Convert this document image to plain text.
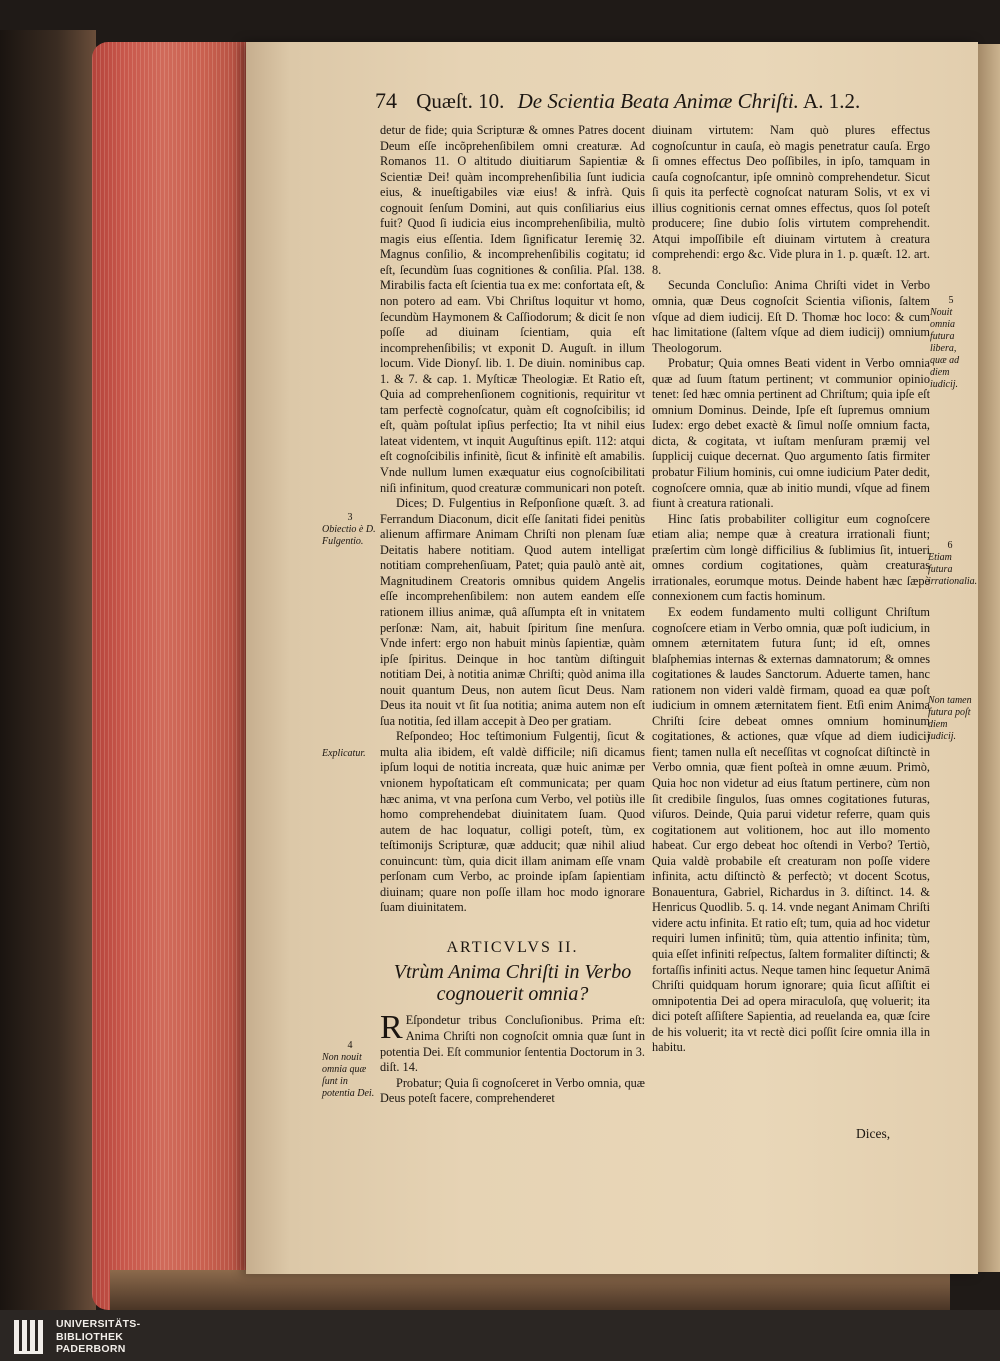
74 Quæſt. 10. De Scientia Beata Animæ Chriſti. A. 1.2.

detur de fide; quia Scripturæ & omnes Patres docent Deum eſſe incõprehenſibilem omni creaturæ. Ad Romanos 11. O altitudo diuitiarum Sapientiæ & Scientiæ Dei! quàm incomprehenſibilia ſunt iudicia eius, & inueſtigabiles viæ eius! & infrà. Quis cognouit ſenſum Domini, aut quis conſiliarius eius fuit? Quod ſi iudicia eius incomprehenſibilia, multò magis eius eſſentia. Idem ſignificatur Ieremię 32. Magnus conſilio, & incomprehenſibilis cogitatu; id eſt, ſecundùm ſuas cognitiones & conſilia. Pſal. 138. Mirabilis facta eſt ſcientia tua ex me: confortata eſt, & non potero ad eam. Vbi Chriſtus loquitur vt homo, ſecundùm Haymonem & Caſſiodorum; & dicit ſe non poſſe ad diuinam ſcientiam, quia eſt incomprehenſibilis; vt exponit D. Auguſt. in illum locum. Vide Dionyſ. lib. 1. De diuin. nominibus cap. 1. & 7. & cap. 1. Myſticæ Theologiæ. Et Ratio eſt, Quia ad comprehenſionem cognitionis, requiritur vt tam perfectè cognoſcatur, quàm eſt cognoſcibilis; id eſt, quàm poſtulat ipſius perfectio; Ita vt nihil eius lateat videntem, vt inquit Auguſtinus epiſt. 112: atqui eſt cognoſcibilis infinitè, ſicut & infinitè eſt amabilis. Vnde nullum lumen exæquatur eius cognoſcibilitati niſi infinitum, quod creaturæ communicari non poteſt.

Dices; D. Fulgentius in Reſponſione quæſt. 3. ad Ferrandum Diaconum, dicit eſſe ſanitati fidei penitùs alienum affirmare Animam Chriſti non plenam ſuæ Deitatis habere notitiam. Quod autem intelligat notitiam comprehenſiuam, Patet; quia paulò antè ait, Magnitudinem Creatoris omnibus quidem Angelis eſſe incomprehenſibilem: non autem eandem eſſe rationem illius animæ, quâ aſſumpta eſt in vnitatem perſonæ: Nam, ait, habuit ſpiritum ſine menſura. Vnde infert: ergo non habuit minùs ſapientiæ, quàm ipſe ſpiritus. Deinque in hoc tantùm diſtinguit notitiam Dei, à notitia animæ Chriſti; quòd anima illa nouit quantum Deus, non autem ſicut Deus. Nam Deus ita nouit vt ſit ſua notitia; anima autem non eſt ſua notitia, ſed illam accepit à Deo per gratiam.

Reſpondeo; Hoc teſtimonium Fulgentij, ſicut & multa alia ibidem, eſt valdè difficile; niſi dicamus ipſum loqui de notitia increata, quæ huic animæ per vnionem hypoſtaticam eſt communicata; per quam hæc anima, vt vna perſona cum Verbo, vel potiùs ille homo comprehendebat diuinitatem ſuam. Quod autem de hac loquatur, colligi poteſt, tùm, ex teſtimonijs Scripturæ, quæ adducit; quæ nihil aliud conuincunt: tùm, quia dicit illam animam eſſe vnam perſonam cum Verbo, ac proinde ipſam ſapientiam diuinam; quare non poſſe illam hoc modo ignorare ſuam diuinitatem.

ARTICVLVS II.
Vtrùm Anima Chriſti in Verbo cognouerit omnia?

R Eſpondetur tribus Concluſionibus. Prima eſt: Anima Chriſti non cognoſcit omnia quæ ſunt in potentia Dei. Eſt communior ſententia Doctorum in 3. diſt. 14.

Probatur; Quia ſi cognoſceret in Verbo omnia, quæ Deus poteſt facere, comprehenderet

diuinam virtutem: Nam quò plures effectus cognoſcuntur in cauſa, eò magis penetratur cauſa. Ergo ſi omnes effectus Deo poſſibiles, in ipſo, tamquam in cauſa cognoſcantur, ipſe omninò comprehendetur. Sicut ſi quis ita perfectè cognoſcat naturam Solis, vt ex vi illius cognitionis cernat omnes effectus, quos ſol poteſt producere; ſine dubio ſolis virtutem comprehendit. Atqui impoſſibile eſt diuinam virtutem à creatura comprehendi: ergo &c. Vide plura in 1. p. quæſt. 12. art. 8.

Secunda Concluſio: Anima Chriſti videt in Verbo omnia, quæ Deus cognoſcit Scientia viſionis, ſaltem vſque ad diem iudicij. Eſt D. Thomæ hoc loco: & cum hac limitatione (ſaltem vſque ad diem iudicij) omnium Theologorum.

Probatur; Quia omnes Beati vident in Verbo omnia quæ ad ſuum ſtatum pertinent; vt communior opinio tenet: ſed hæc omnia pertinent ad Chriſtum; quia ipſe eſt omnium Dominus. Deinde, Ipſe eſt ſupremus omnium Iudex: ergo debet exactè & ſimul noſſe omnium facta, dicta, & cogitata, vt iuſtam menſuram præmij vel ſupplicij cuique decernat. Quo argumento ſatis firmiter probatur Filium hominis, cui omne iudicium Pater dedit, cognoſcere omnia, quæ ab initio mundi, vſque ad finem fiunt à creatura rationali.

Hinc ſatis probabiliter colligitur eum cognoſcere etiam alia; nempe quæ à creatura irrationali fiunt; præſertim cùm longè difficilius & ſublimius ſit, intueri omnes cordium cogitationes, quàm creaturas irrationales, eorumque motus. Deinde habent hæc ſæpè connexionem cum factis hominum.

Ex eodem fundamento multi colligunt Chriſtum cognoſcere etiam in Verbo omnia, quæ poſt iudicium, in omnem æternitatem futura ſunt; id eſt, omnes blaſphemias internas & externas damnatorum; & omnes cogitationes & laudes Sanctorum. Aduerte tamen, hanc rationem non videri valdè firmam, quoad ea quæ poſt iudicium in omnem æternitatem fient. Etſi enim Anima Chriſti ſcire debeat omnes omnium hominum cogitationes, & actiones, quæ vſque ad diem iudicij fient; tamen nulla eſt neceſſitas vt cognoſcat diſtinctè in Verbo omnia, quæ fient poſteà in omne æuum. Primò, Quia hoc non videtur ad eius ſtatum pertinere, cùm non ſit credibile ſingulos, ſuas omnes cogitationes futuras, viſuros. Deinde, Quia parui videtur referre, quam quis cogitationem aut volitionem, hoc aut illo momento habeat. Cur ergo debeat hoc oſtendi in Verbo? Tertiò, Quia valdè probabile eſt creaturam non poſſe videre infinita, actu diſtinctò & perfectò; vt docent Scotus, Bonauentura, Gabriel, Richardus in 3. diſtinct. 14. & Henricus Quodlib. 5. q. 14. vnde negant Animam Chriſti videre actu infinita. Et ratio eſt; tum, quia ad hoc videtur requiri lumen infinitū; tùm, quia attentio infinita; tùm, quia eſſet infiniti reſpectus, ſaltem formaliter diſtincti; & fortaſſis infiniti actus. Neque tamen hinc ſequetur Animā Chriſti quidquam horum ignorare; quia ſicut aſſiſtit ei omnipotentia Dei ad opera miraculoſa, quę voluerit; ita dici poteſt aſſiſtere Sapientia, ad reuelanda ea, quæ ſcire de his voluerit; ita vt rectè dici poſſit ſcire omnia illa in habitu.

Dices,
3
Obiectio è D. Fulgentio.
Explicatur.
4
Non nouit omnia quæ ſunt in potentia Dei.
5
Nouit omnia futura libera, quæ ad diem iudicij.
6
Etiam futura irrationalia.
Non tamen futura poſt diem iudicij.
UNIVERSITÄTS-
BIBLIOTHEK
PADERBORN
